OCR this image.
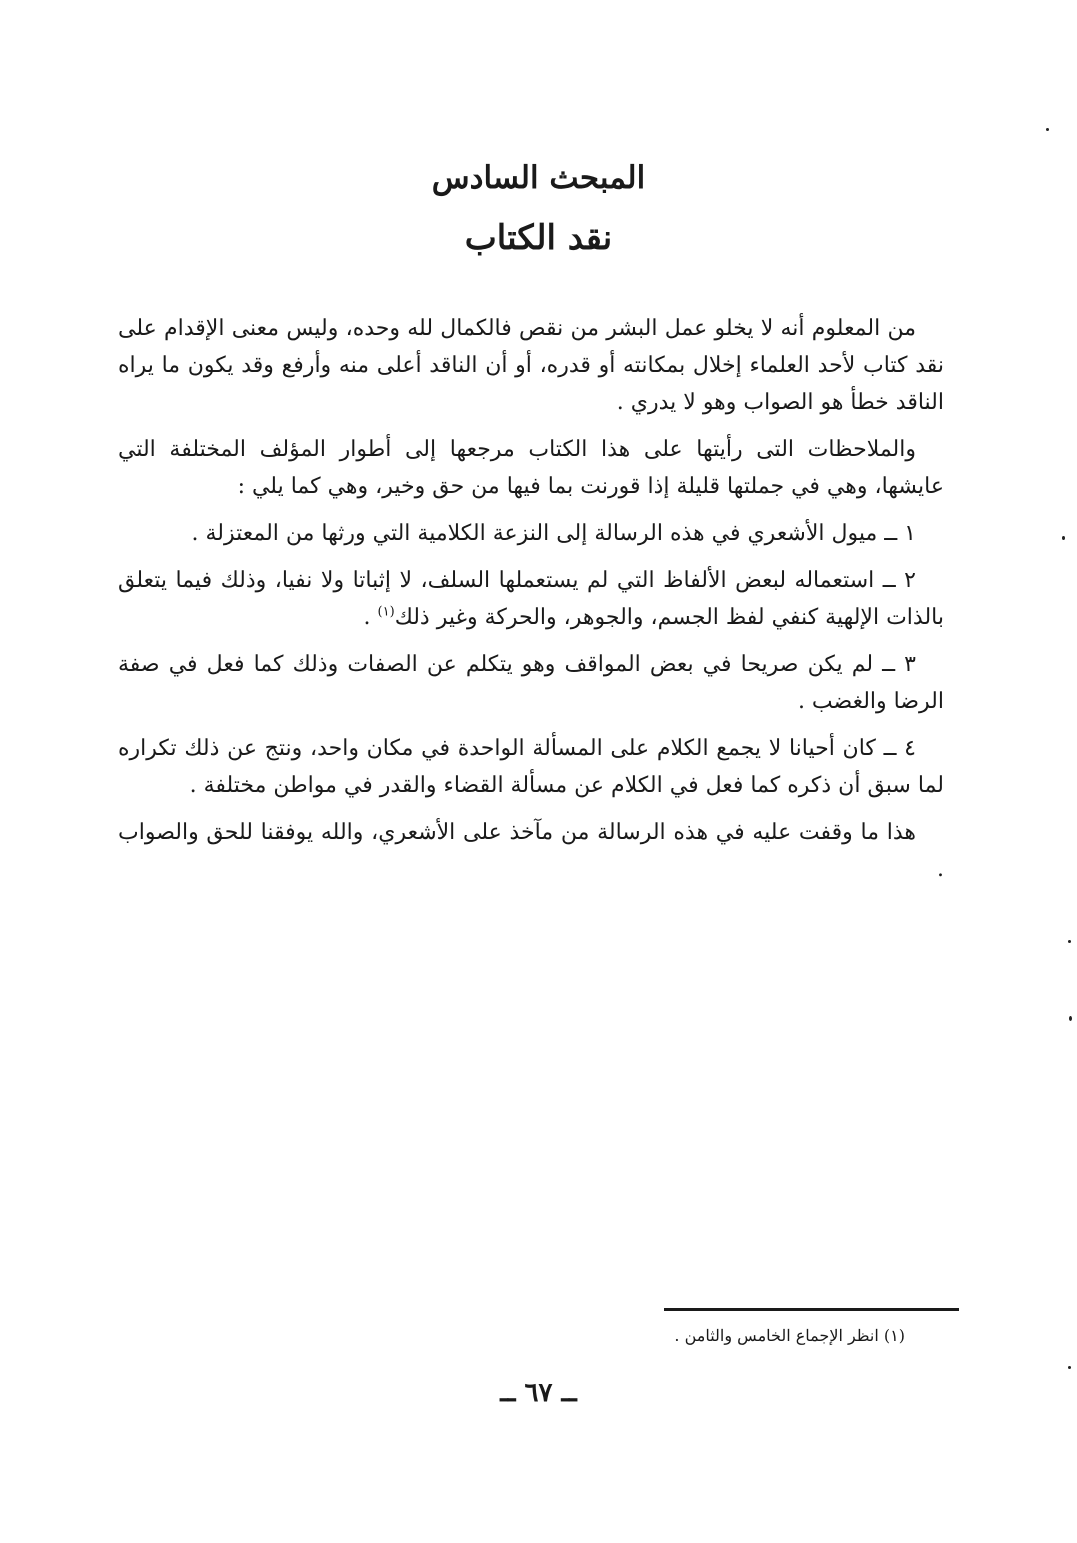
المبحث السادس
نقد الكتاب

من المعلوم أنه لا يخلو عمل البشر من نقص فالكمال لله وحده، وليس معنى الإقدام على نقد كتاب لأحد العلماء إخلال بمكانته أو قدره، أو أن الناقد أعلى منه وأرفع وقد يكون ما يراه الناقد خطأ هو الصواب وهو لا يدري .

والملاحظات التى رأيتها على هذا الكتاب مرجعها إلى أطوار المؤلف المختلفة التي عايشها، وهي في جملتها قليلة إذا قورنت بما فيها من حق وخير، وهي كما يلي :

١ ــ ميول الأشعري في هذه الرسالة إلى النزعة الكلامية التي ورثها من المعتزلة .

٢ ــ استعماله لبعض الألفاظ التي لم يستعملها السلف، لا إثباتا ولا نفيا، وذلك فيما يتعلق بالذات الإلهية كنفي لفظ الجسم، والجوهر، والحركة وغير ذلك$^{(١)}$ .

٣ ــ لم يكن صريحا في بعض المواقف وهو يتكلم عن الصفات وذلك كما فعل في صفة الرضا والغضب .

٤ ــ كان أحيانا لا يجمع الكلام على المسألة الواحدة في مكان واحد، ونتج عن ذلك تكراره لما سبق أن ذكره كما فعل في الكلام عن مسألة القضاء والقدر في مواطن مختلفة .

هذا ما وقفت عليه في هذه الرسالة من مآخذ على الأشعري، والله يوفقنا للحق والصواب .

(١) انظر الإجماع الخامس والثامن .
ــ ٦٧ ــ
